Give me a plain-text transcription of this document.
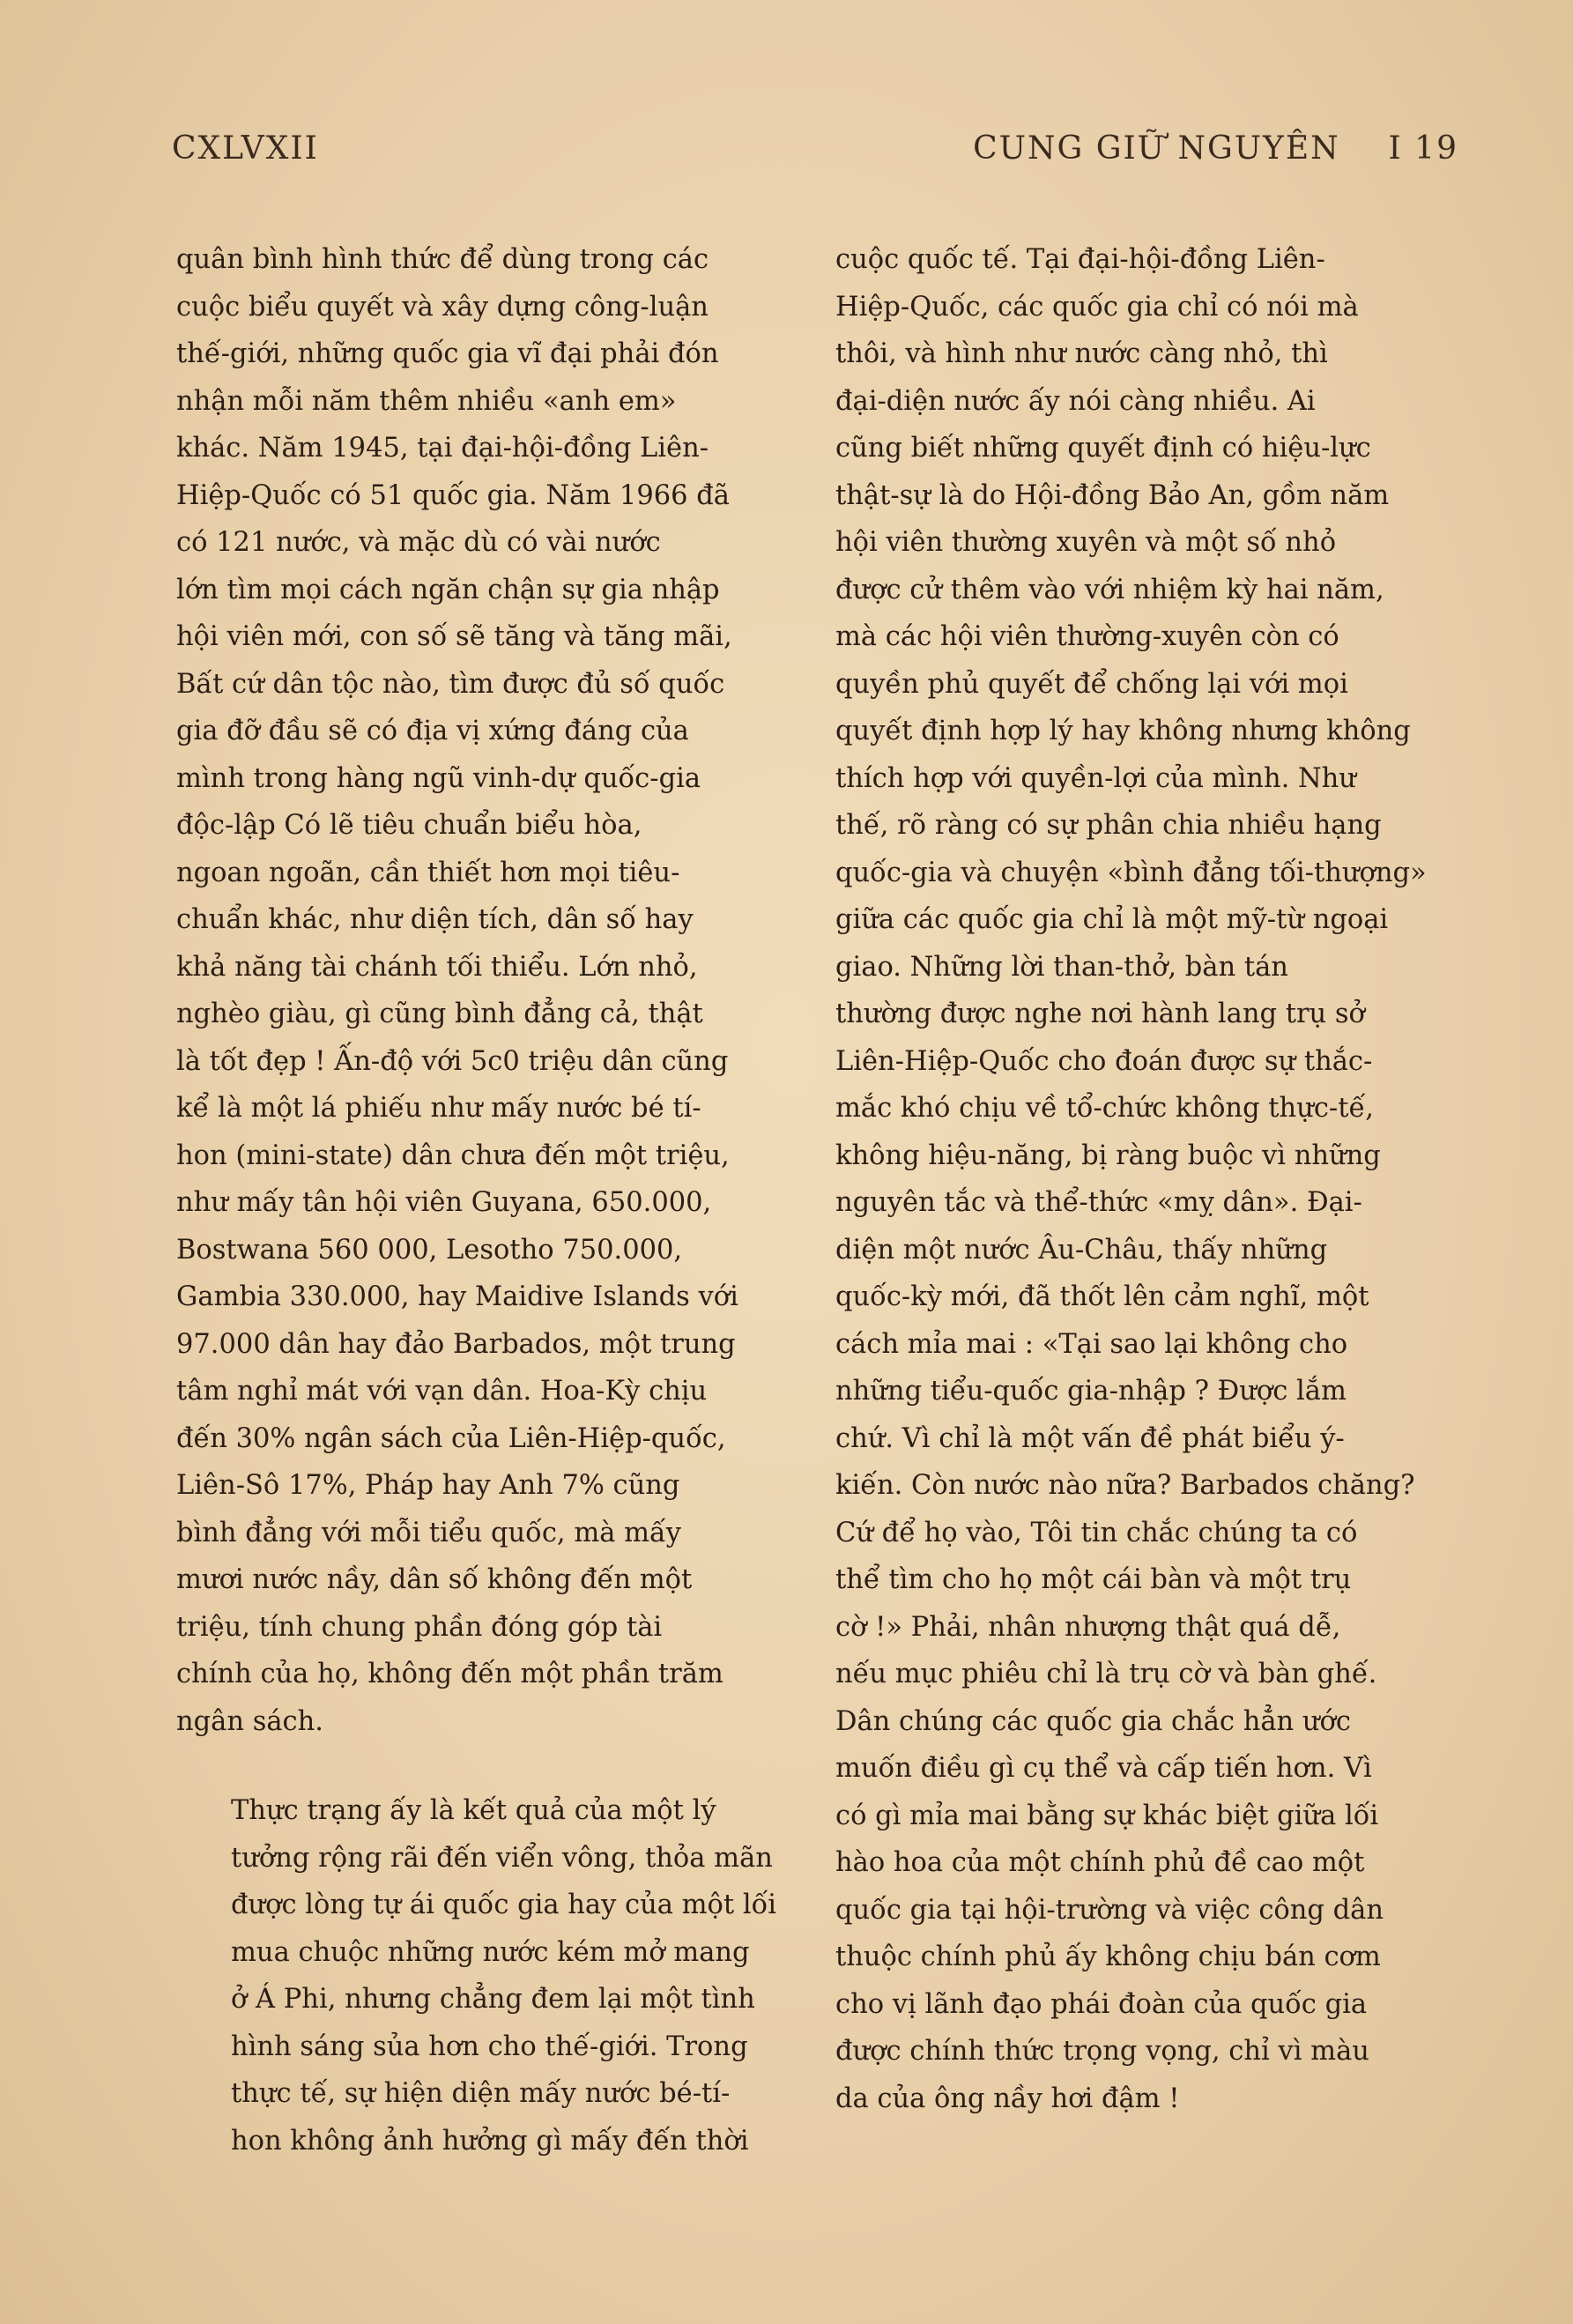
CXLVXII	CUNG GIỮ NGUYÊN I 19

quân bình hình thức để dùng trong các
cuộc biểu quyết và xây dựng công-luận
thế-giới, những quốc gia vĩ đại phải đón
nhận mỗi năm thêm nhiều «anh em»
khác. Năm 1945, tại đại-hội-đồng Liên-
Hiệp-Quốc có 51 quốc gia. Năm 1966 đã
có 121 nước, và mặc dù có vài nước
lớn tìm mọi cách ngăn chận sự gia nhập
hội viên mới, con số sẽ tăng và tăng mãi,
Bất cứ dân tộc nào, tìm được đủ số quốc
gia đỡ đầu sẽ có địa vị xứng đáng của
mình trong hàng ngũ vinh-dự quốc-gia
độc-lập Có lẽ tiêu chuẩn biểu hòa,
ngoan ngoãn, cần thiết hơn mọi tiêu-
chuẩn khác, như diện tích, dân số hay
khả năng tài chánh tối thiểu. Lớn nhỏ,
nghèo giàu, gì cũng bình đẳng cả, thật
là tốt đẹp ! Ấn-độ với 5c0 triệu dân cũng
kể là một lá phiếu như mấy nước bé tí-
hon (mini-state) dân chưa đến một triệu,
như mấy tân hội viên Guyana, 650.000,
Bostwana 560 000, Lesotho 750.000,
Gambia 330.000, hay Maidive Islands với
97.000 dân hay đảo Barbados, một trung
tâm nghỉ mát với vạn dân. Hoa-Kỳ chịu
đến 30% ngân sách của Liên-Hiệp-quốc,
Liên-Sô 17%, Pháp hay Anh 7% cũng
bình đẳng với mỗi tiểu quốc, mà mấy
mươi nước nầy, dân số không đến một
triệu, tính chung phần đóng góp tài
chính của họ, không đến một phần trăm
ngân sách.

Thực trạng ấy là kết quả của một lý
tưởng rộng rãi đến viển vông, thỏa mãn
được lòng tự ái quốc gia hay của một lối
mua chuộc những nước kém mở mang
ở Á Phi, nhưng chẳng đem lại một tình
hình sáng sủa hơn cho thế-giới. Trong
thực tế, sự hiện diện mấy nước bé-tí-
hon không ảnh hưởng gì mấy đến thời

cuộc quốc tế. Tại đại-hội-đồng Liên-
Hiệp-Quốc, các quốc gia chỉ có nói mà
thôi, và hình như nước càng nhỏ, thì
đại-diện nước ấy nói càng nhiều. Ai
cũng biết những quyết định có hiệu-lực
thật-sự là do Hội-đồng Bảo An, gồm năm
hội viên thường xuyên và một số nhỏ
được cử thêm vào với nhiệm kỳ hai năm,
mà các hội viên thường-xuyên còn có
quyền phủ quyết để chống lại với mọi
quyết định hợp lý hay không nhưng không
thích hợp với quyền-lợi của mình. Như
thế, rõ ràng có sự phân chia nhiều hạng
quốc-gia và chuyện «bình đẳng tối-thượng»
giữa các quốc gia chỉ là một mỹ-từ ngoại
giao. Những lời than-thở, bàn tán
thường được nghe nơi hành lang trụ sở
Liên-Hiệp-Quốc cho đoán được sự thắc-
mắc khó chịu về tổ-chức không thực-tế,
không hiệu-năng, bị ràng buộc vì những
nguyên tắc và thể-thức «mỵ dân». Đại-
diện một nước Âu-Châu, thấy những
quốc-kỳ mới, đã thốt lên cảm nghĩ, một
cách mỉa mai : «Tại sao lại không cho
những tiểu-quốc gia-nhập ? Được lắm
chứ. Vì chỉ là một vấn đề phát biểu ý-
kiến. Còn nước nào nữa? Barbados chăng?
Cứ để họ vào, Tôi tin chắc chúng ta có
thể tìm cho họ một cái bàn và một trụ
cờ !» Phải, nhân nhượng thật quá dễ,
nếu mục phiêu chỉ là trụ cờ và bàn ghế.
Dân chúng các quốc gia chắc hẳn ước
muốn điều gì cụ thể và cấp tiến hơn. Vì
có gì mỉa mai bằng sự khác biệt giữa lối
hào hoa của một chính phủ đề cao một
quốc gia tại hội-trường và việc công dân
thuộc chính phủ ấy không chịu bán cơm
cho vị lãnh đạo phái đoàn của quốc gia
được chính thức trọng vọng, chỉ vì màu
da của ông nầy hơi đậm !
